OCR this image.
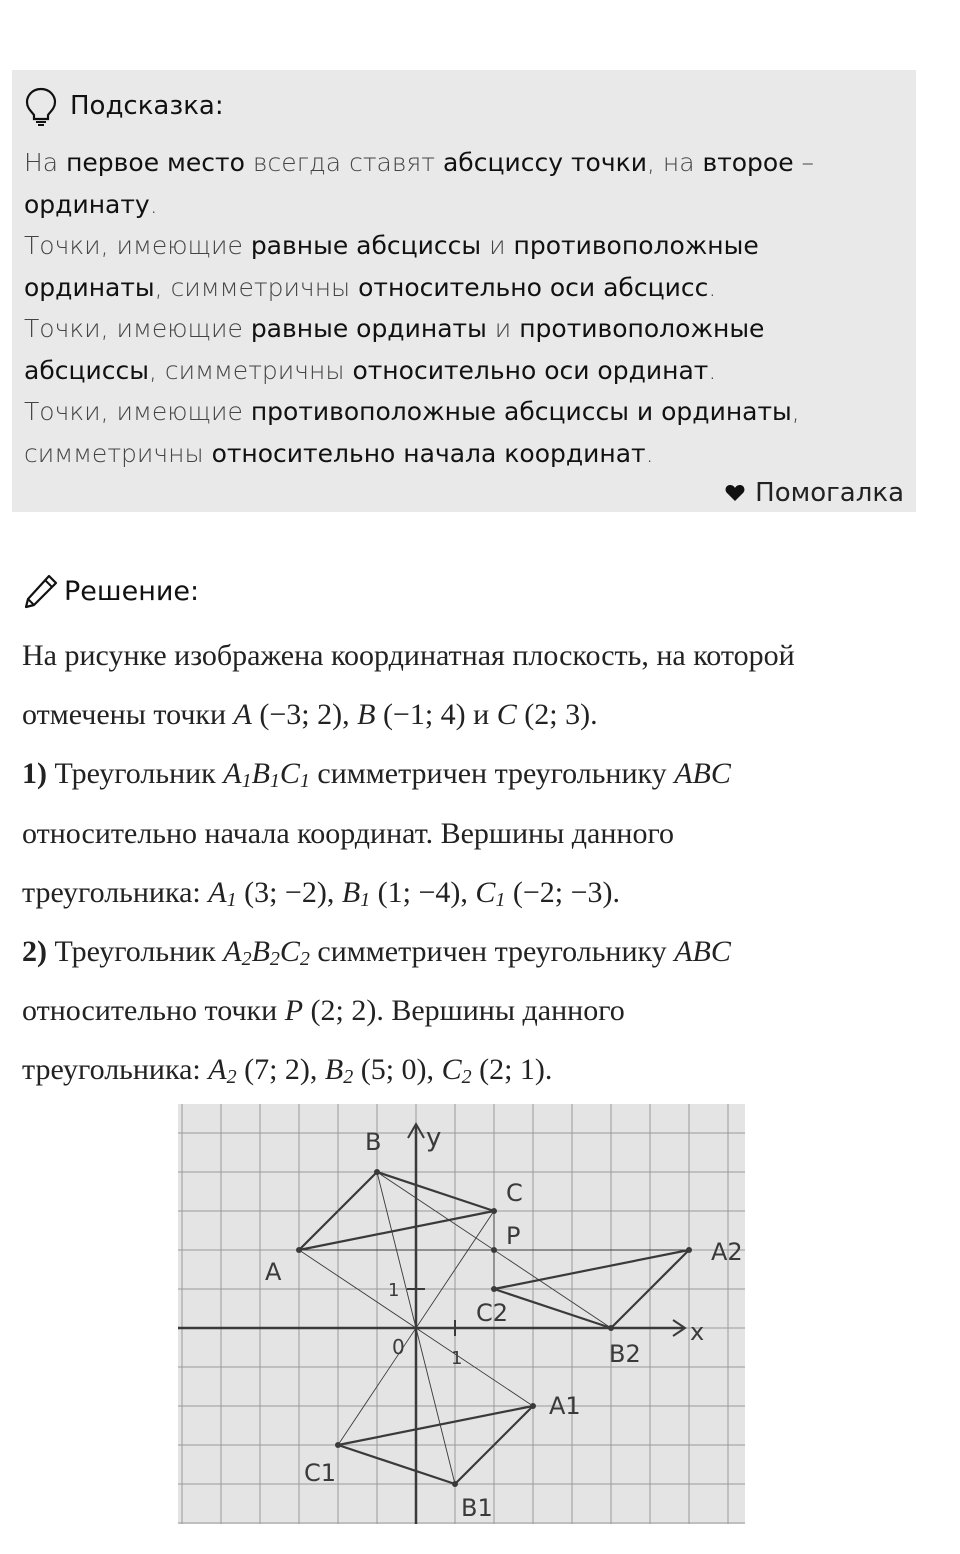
Подсказка:
На первое место всегда ставят абсциссу точки, на второе –
ординату.
Точки, имеющие равные абсциссы и противоположные
ординаты, симметричны относительно оси абсцисс.
Точки, имеющие равные ординаты и противоположные
абсциссы, симметричны относительно оси ординат.
Точки, имеющие противоположные абсциссы и ординаты,
симметричны относительно начала координат.
Помогалка
Решение:
На рисунке изображена координатная плоскость, на которой
отмечены точки A (−3; 2), B (−1; 4) и C (2; 3).
1) Треугольник $A_1B_1C_1$ симметричен треугольнику ABC
относительно начала координат. Вершины данного
треугольника: $A_1$ (3; −2), $B_1$ (1; −4), $C_1$ (−2; −3).
2) Треугольник $A_2B_2C_2$ симметричен треугольнику ABC
относительно точки P (2; 2). Вершины данного
треугольника: $A_2$ (7; 2), $B_2$ (5; 0), $C_2$ (2; 1).
A
B
C
P
A1
B1
C1
A2
B2
C2
y
x
0	1
1
